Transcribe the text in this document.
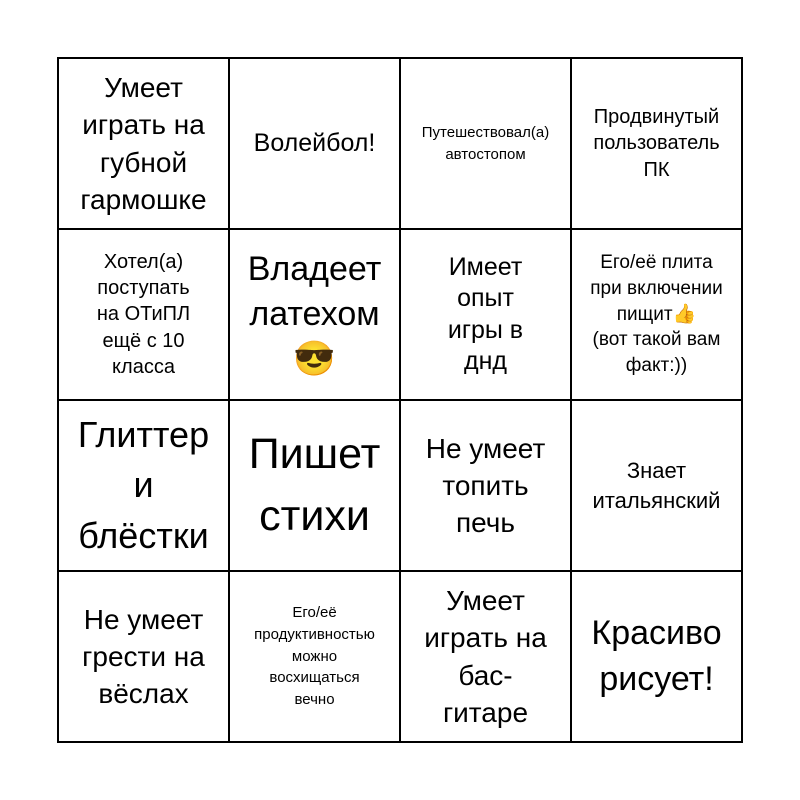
Умеет
играть на
губной
гармошке
Волейбол!	Путешествовал(а)
автостопом
Продвинутый
пользователь
ПК
Хотел(а)
поступать
на ОТиПЛ
ещё с 10
класса
Владеет
латехом
😎
Имеет
опыт
игры в
днд
Его/её плита
при включении
пищит👍
(вот такой вам
факт:))
Глиттер
и
блёстки
Пишет
стихи
Не умеет
топить
печь
Знает
итальянский
Не умеет
грести на
вёслах
Его/её
продуктивностью
можно
восхищаться
вечно
Умеет
играть на
бас-
гитаре
Красиво
рисует!
